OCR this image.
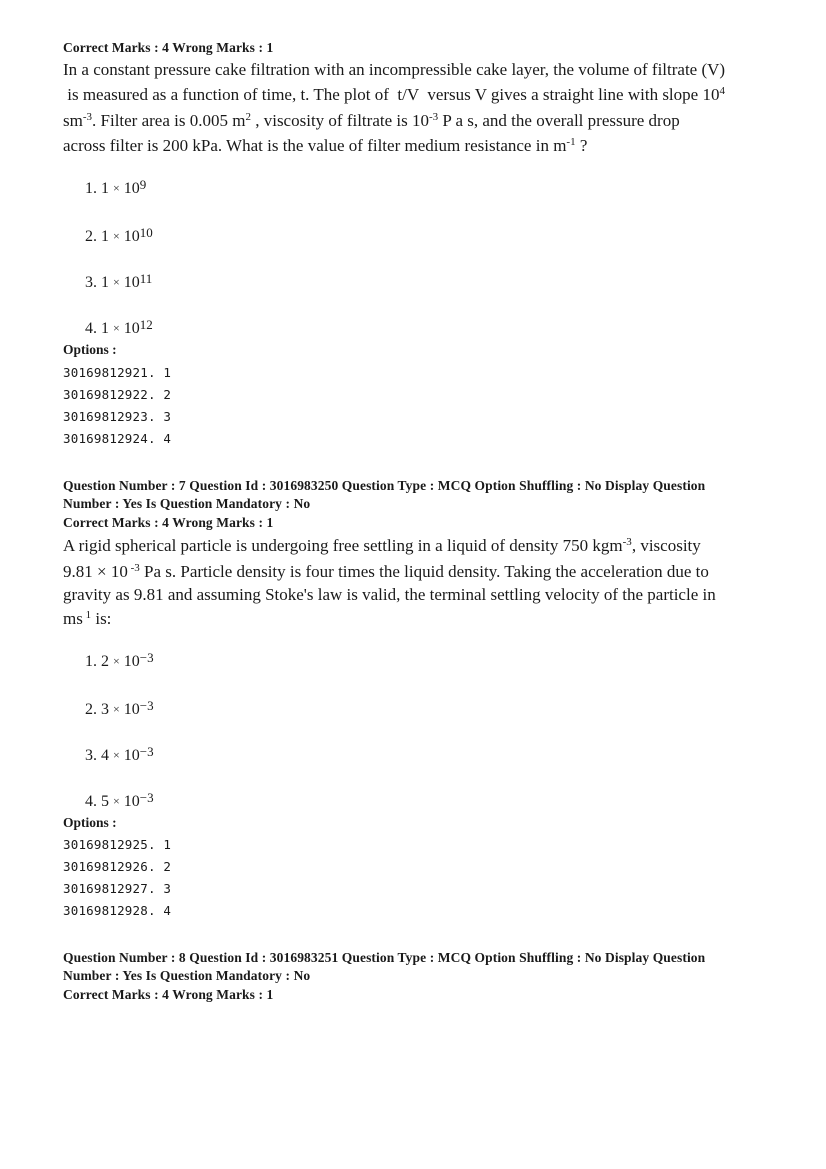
Correct Marks : 4 Wrong Marks : 1
In a constant pressure cake filtration with an incompressible cake layer, the volume of filtrate (V)
is measured as a function of time, t. The plot of  t/V  versus V gives a straight line with slope $10^4$
$sm^{-3}$. Filter area is 0.005 $m^2$ , viscosity of filtrate is $10^{-3}$ P a s, and the overall pressure drop
across filter is 200 kPa. What is the value of filter medium resistance in $m^{-1}$ ?
1. $1 \times 10^9$
2. $1 \times 10^{10}$
3. $1 \times 10^{11}$
4. $1 \times 10^{12}$
Options :
30169812921. 1
30169812922. 2
30169812923. 3
30169812924. 4
Question Number : 7 Question Id : 3016983250 Question Type : MCQ Option Shuffling : No Display Question
Number : Yes Is Question Mandatory : No
Correct Marks : 4 Wrong Marks : 1
A rigid spherical particle is undergoing free settling in a liquid of density 750 kgm$^{-3}$, viscosity
9.81 × 10 $^{-3}$ Pa s. Particle density is four times the liquid density. Taking the acceleration due to
gravity as 9.81 and assuming Stoke's law is valid, the terminal settling velocity of the particle in
ms $^1$ is:
1. $2 \times 10^{-3}$
2. $3 \times 10^{-3}$
3. $4 \times 10^{-3}$
4. $5 \times 10^{-3}$
Options :
30169812925. 1
30169812926. 2
30169812927. 3
30169812928. 4
Question Number : 8 Question Id : 3016983251 Question Type : MCQ Option Shuffling : No Display Question
Number : Yes Is Question Mandatory : No
Correct Marks : 4 Wrong Marks : 1
